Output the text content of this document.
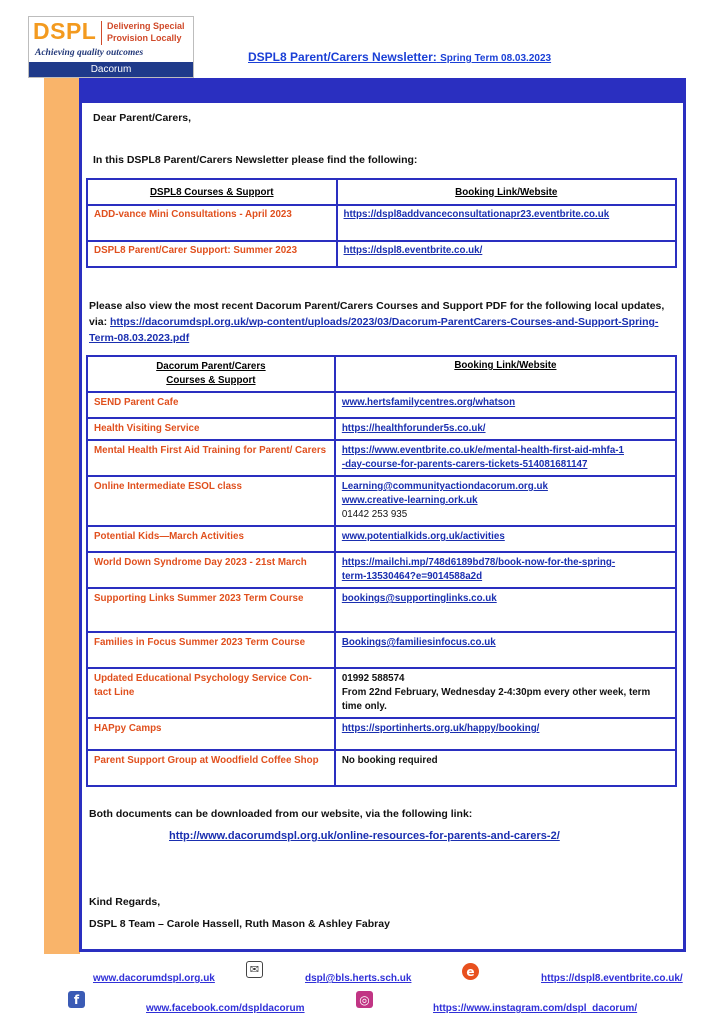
DSPL Delivering Special
Provision Locally
Achieving quality outcomes
Dacorum
DSPL8 Parent/Carers Newsletter: Spring Term 08.03.2023
Dear Parent/Carers,
In this DSPL8 Parent/Carers Newsletter please find the following:
DSPL8 Courses & Support	Booking Link/Website
ADD-vance Mini Consultations - April 2023	https://dspl8addvanceconsultationapr23.eventbrite.co.uk
DSPL8 Parent/Carer Support: Summer 2023	https://dspl8.eventbrite.co.uk/
Please also view the most recent Dacorum Parent/Carers Courses and Support PDF for the following local updates, via: https://dacorumdspl.org.uk/wp-content/uploads/2023/03/Dacorum-ParentCarers-Courses-and-Support-Spring-Term-08.03.2023.pdf
Dacorum Parent/Carers
Courses & Support	Booking Link/Website
SEND Parent Cafe	www.hertsfamilycentres.org/whatson

Health Visiting Service	https://healthforunder5s.co.uk/

Mental Health First Aid Training for Parent/ Carers	https://www.eventbrite.co.uk/e/mental-health-first-aid-mhfa-1
-day-course-for-parents-carers-tickets-514081681147

Online Intermediate ESOL class	Learning@communityactiondacorum.org.uk
www.creative-learning.ork.uk
01442 253 935

Potential Kids—March Activities	www.potentialkids.org.uk/activities

World Down Syndrome Day 2023 - 21st March	https://mailchi.mp/748d6189bd78/book-now-for-the-spring-
term-13530464?e=9014588a2d

Supporting Links Summer 2023 Term Course	bookings@supportinglinks.co.uk

Families in Focus Summer 2023 Term Course	Bookings@familiesinfocus.co.uk

Updated Educational Psychology Service Con-tact Line	01992 588574
From 22nd February, Wednesday 2-4:30pm every other week, term time only.

HAPpy Camps	https://sportinherts.org.uk/happy/booking/

Parent Support Group at Woodfield Coffee Shop	No booking required
Both documents can be downloaded from our website, via the following link:
http://www.dacorumdspl.org.uk/online-resources-for-parents-and-carers-2/
Kind Regards,
DSPL 8 Team – Carole Hassell, Ruth Mason & Ashley Fabray
www.dacorumdspl.org.uk
✉
dspl@bls.herts.sch.uk	e	https://dspl8.eventbrite.co.uk/
f
www.facebook.com/dspldacorum
◎
https://www.instagram.com/dspl_dacorum/
